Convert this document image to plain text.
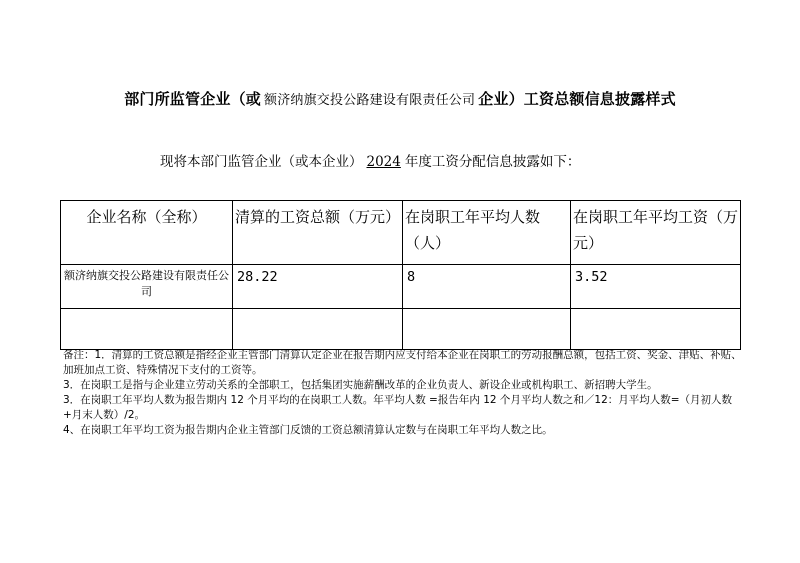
部门所监管企业（或 额济纳旗交投公路建设有限责任公司 企业）工资总额信息披露样式
现将本部门监管企业（或本企业） 2024 年度工资分配信息披露如下：
企业名称（全称）	清算的工资总额（万元）	在岗职工年平均人数（人）	在岗职工年平均工资（万元）
额济纳旗交投公路建设有限责任公司	28.22	8	3.52

备注：1．清算的工资总额是指经企业主管部门清算认定企业在报告期内应支付给本企业在岗职工的劳动报酬总额，包括工资、奖金、津贴、补贴、加班加点工资、特殊情况下支付的工资等。

3．在岗职工是指与企业建立劳动关系的全部职工，包括集团实施薪酬改革的企业负责人、新设企业或机构职工、新招聘大学生。

3．在岗职工年平均人数为报告期内 12 个月平均的在岗职工人数。年平均人数 =报告年内 12 个月平均人数之和／12：月平均人数=（月初人数+月末人数）/2。

4、在岗职工年平均工资为报告期内企业主管部门反馈的工资总额清算认定数与在岗职工年平均人数之比。
